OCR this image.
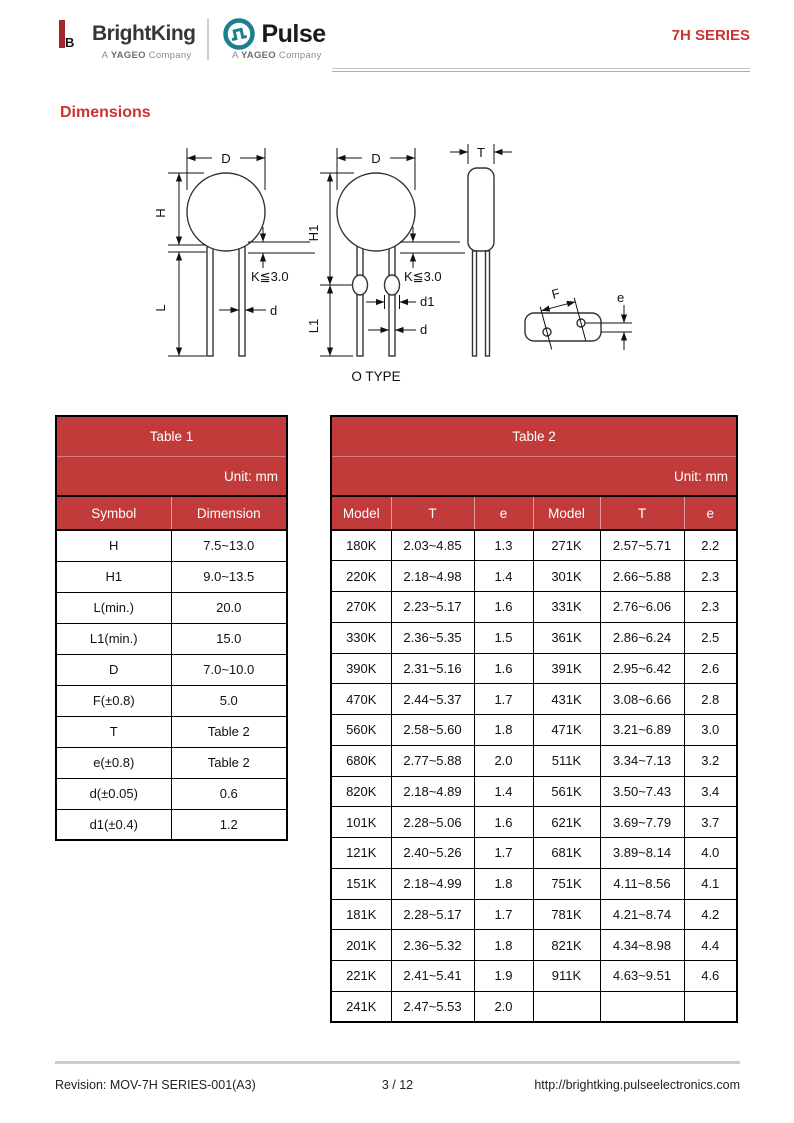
B BrightKing
A YAGEO Company
Pulse
A YAGEO Company
7H SERIES
Dimensions
D
H
L
K≦3.0
d
D
H1
L1
K≦3.0
d1
d
O TYPE
T
F	e
Table 1	
Unit: mm	
Symbol	Dimension
H	7.5~13.0
H1	9.0~13.5
L(min.)	20.0
L1(min.)	15.0
D	7.0~10.0
F(±0.8)	5.0
T	Table 2
e(±0.8)	Table 2
d(±0.05)	0.6
d1(±0.4)	1.2
Table 2					
Unit: mm					
Model	T	e	Model	T	e
180K	2.03~4.85	1.3	271K	2.57~5.71	2.2
220K	2.18~4.98	1.4	301K	2.66~5.88	2.3
270K	2.23~5.17	1.6	331K	2.76~6.06	2.3
330K	2.36~5.35	1.5	361K	2.86~6.24	2.5
390K	2.31~5.16	1.6	391K	2.95~6.42	2.6
470K	2.44~5.37	1.7	431K	3.08~6.66	2.8
560K	2.58~5.60	1.8	471K	3.21~6.89	3.0
680K	2.77~5.88	2.0	511K	3.34~7.13	3.2
820K	2.18~4.89	1.4	561K	3.50~7.43	3.4
101K	2.28~5.06	1.6	621K	3.69~7.79	3.7
121K	2.40~5.26	1.7	681K	3.89~8.14	4.0
151K	2.18~4.99	1.8	751K	4.11~8.56	4.1
181K	2.28~5.17	1.7	781K	4.21~8.74	4.2
201K	2.36~5.32	1.8	821K	4.34~8.98	4.4
221K	2.41~5.41	1.9	911K	4.63~9.51	4.6
241K	2.47~5.53	2.0			
Revision: MOV-7H SERIES-001(A3)	3 / 12	http://brightking.pulseelectronics.com
